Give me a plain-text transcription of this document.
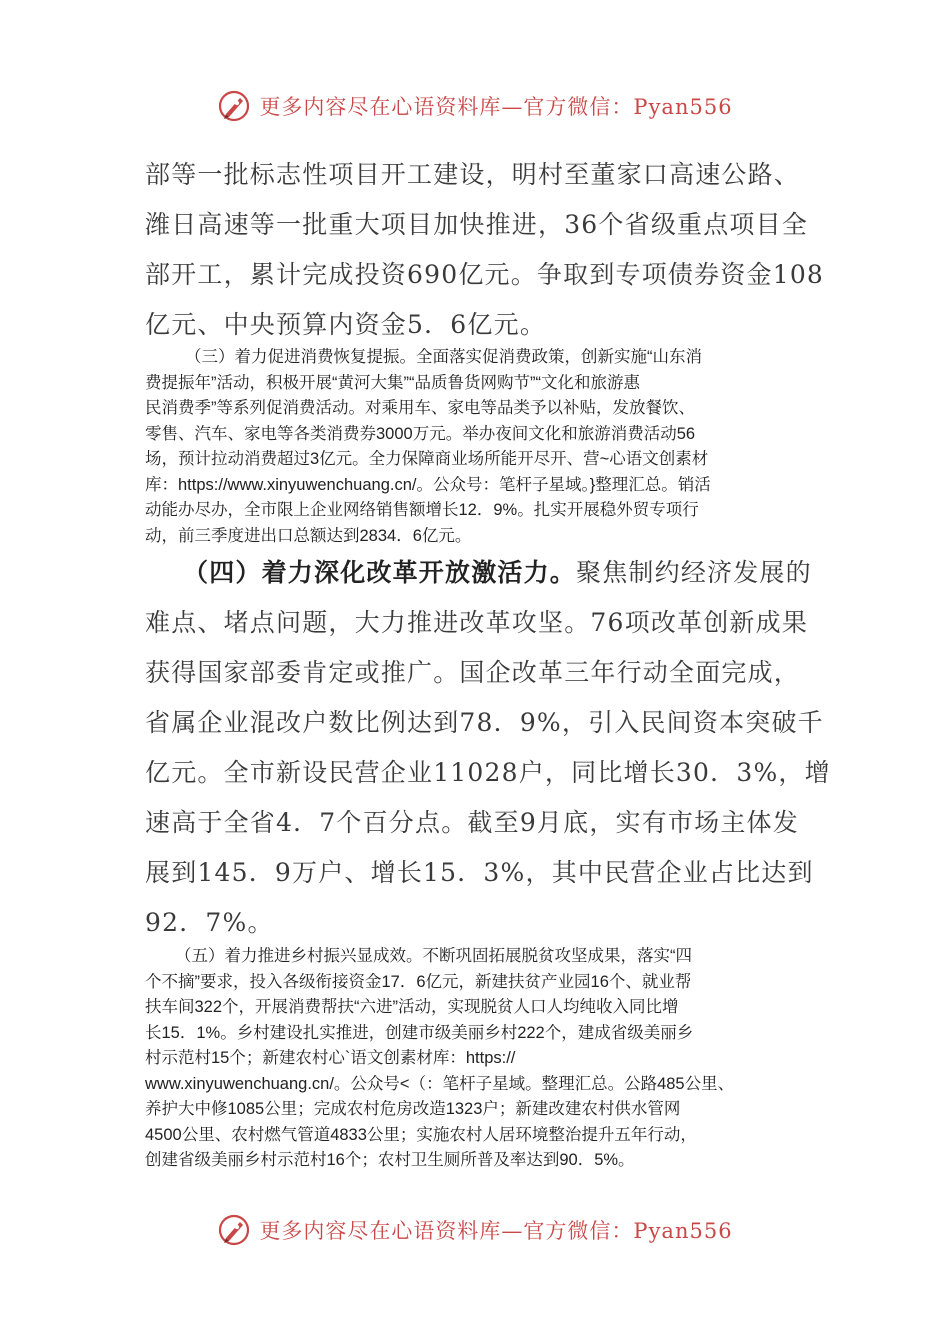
更多内容尽在心语资料库—官方微信：Pyan556
部等一批标志性项目开工建设，明村至董家口高速公路、
潍日高速等一批重大项目加快推进，36个省级重点项目全
部开工，累计完成投资690亿元。争取到专项债券资金108
亿元、中央预算内资金5．6亿元。
（三）着力促进消费恢复提振。全面落实促消费政策，创新实施“山东消
费提振年”活动，积极开展“黄河大集”“品质鲁货网购节”“文化和旅游惠
民消费季”等系列促消费活动。对乘用车、家电等品类予以补贴，发放餐饮、
零售、汽车、家电等各类消费券3000万元。举办夜间文化和旅游消费活动56
场，预计拉动消费超过3亿元。全力保障商业场所能开尽开、营~心语文创素材
库：https://www.xinyuwenchuang.cn/。公众号：笔杆子星域。}整理汇总。销活
动能办尽办，全市限上企业网络销售额增长12．9%。扎实开展稳外贸专项行
动，前三季度进出口总额达到2834．6亿元。
（四）着力深化改革开放激活力。聚焦制约经济发展的
难点、堵点问题，大力推进改革攻坚。76项改革创新成果
获得国家部委肯定或推广。国企改革三年行动全面完成，
省属企业混改户数比例达到78．9%，引入民间资本突破千
亿元。全市新设民营企业11028户，同比增长30．3%，增
速高于全省4．7个百分点。截至9月底，实有市场主体发
展到145．9万户、增长15．3%，其中民营企业占比达到
92．7%。
（五）着力推进乡村振兴显成效。不断巩固拓展脱贫攻坚成果，落实“四
个不摘”要求，投入各级衔接资金17．6亿元，新建扶贫产业园16个、就业帮
扶车间322个，开展消费帮扶“六进”活动，实现脱贫人口人均纯收入同比增
长15．1%。乡村建设扎实推进，创建市级美丽乡村222个，建成省级美丽乡
村示范村15个；新建农村心`语文创素材库：https://
www.xinyuwenchuang.cn/。公众号<（：笔杆子星域。整理汇总。公路485公里、
养护大中修1085公里；完成农村危房改造1323户；新建改建农村供水管网
4500公里、农村燃气管道4833公里；实施农村人居环境整治提升五年行动，
创建省级美丽乡村示范村16个；农村卫生厕所普及率达到90．5%。
更多内容尽在心语资料库—官方微信：Pyan556
